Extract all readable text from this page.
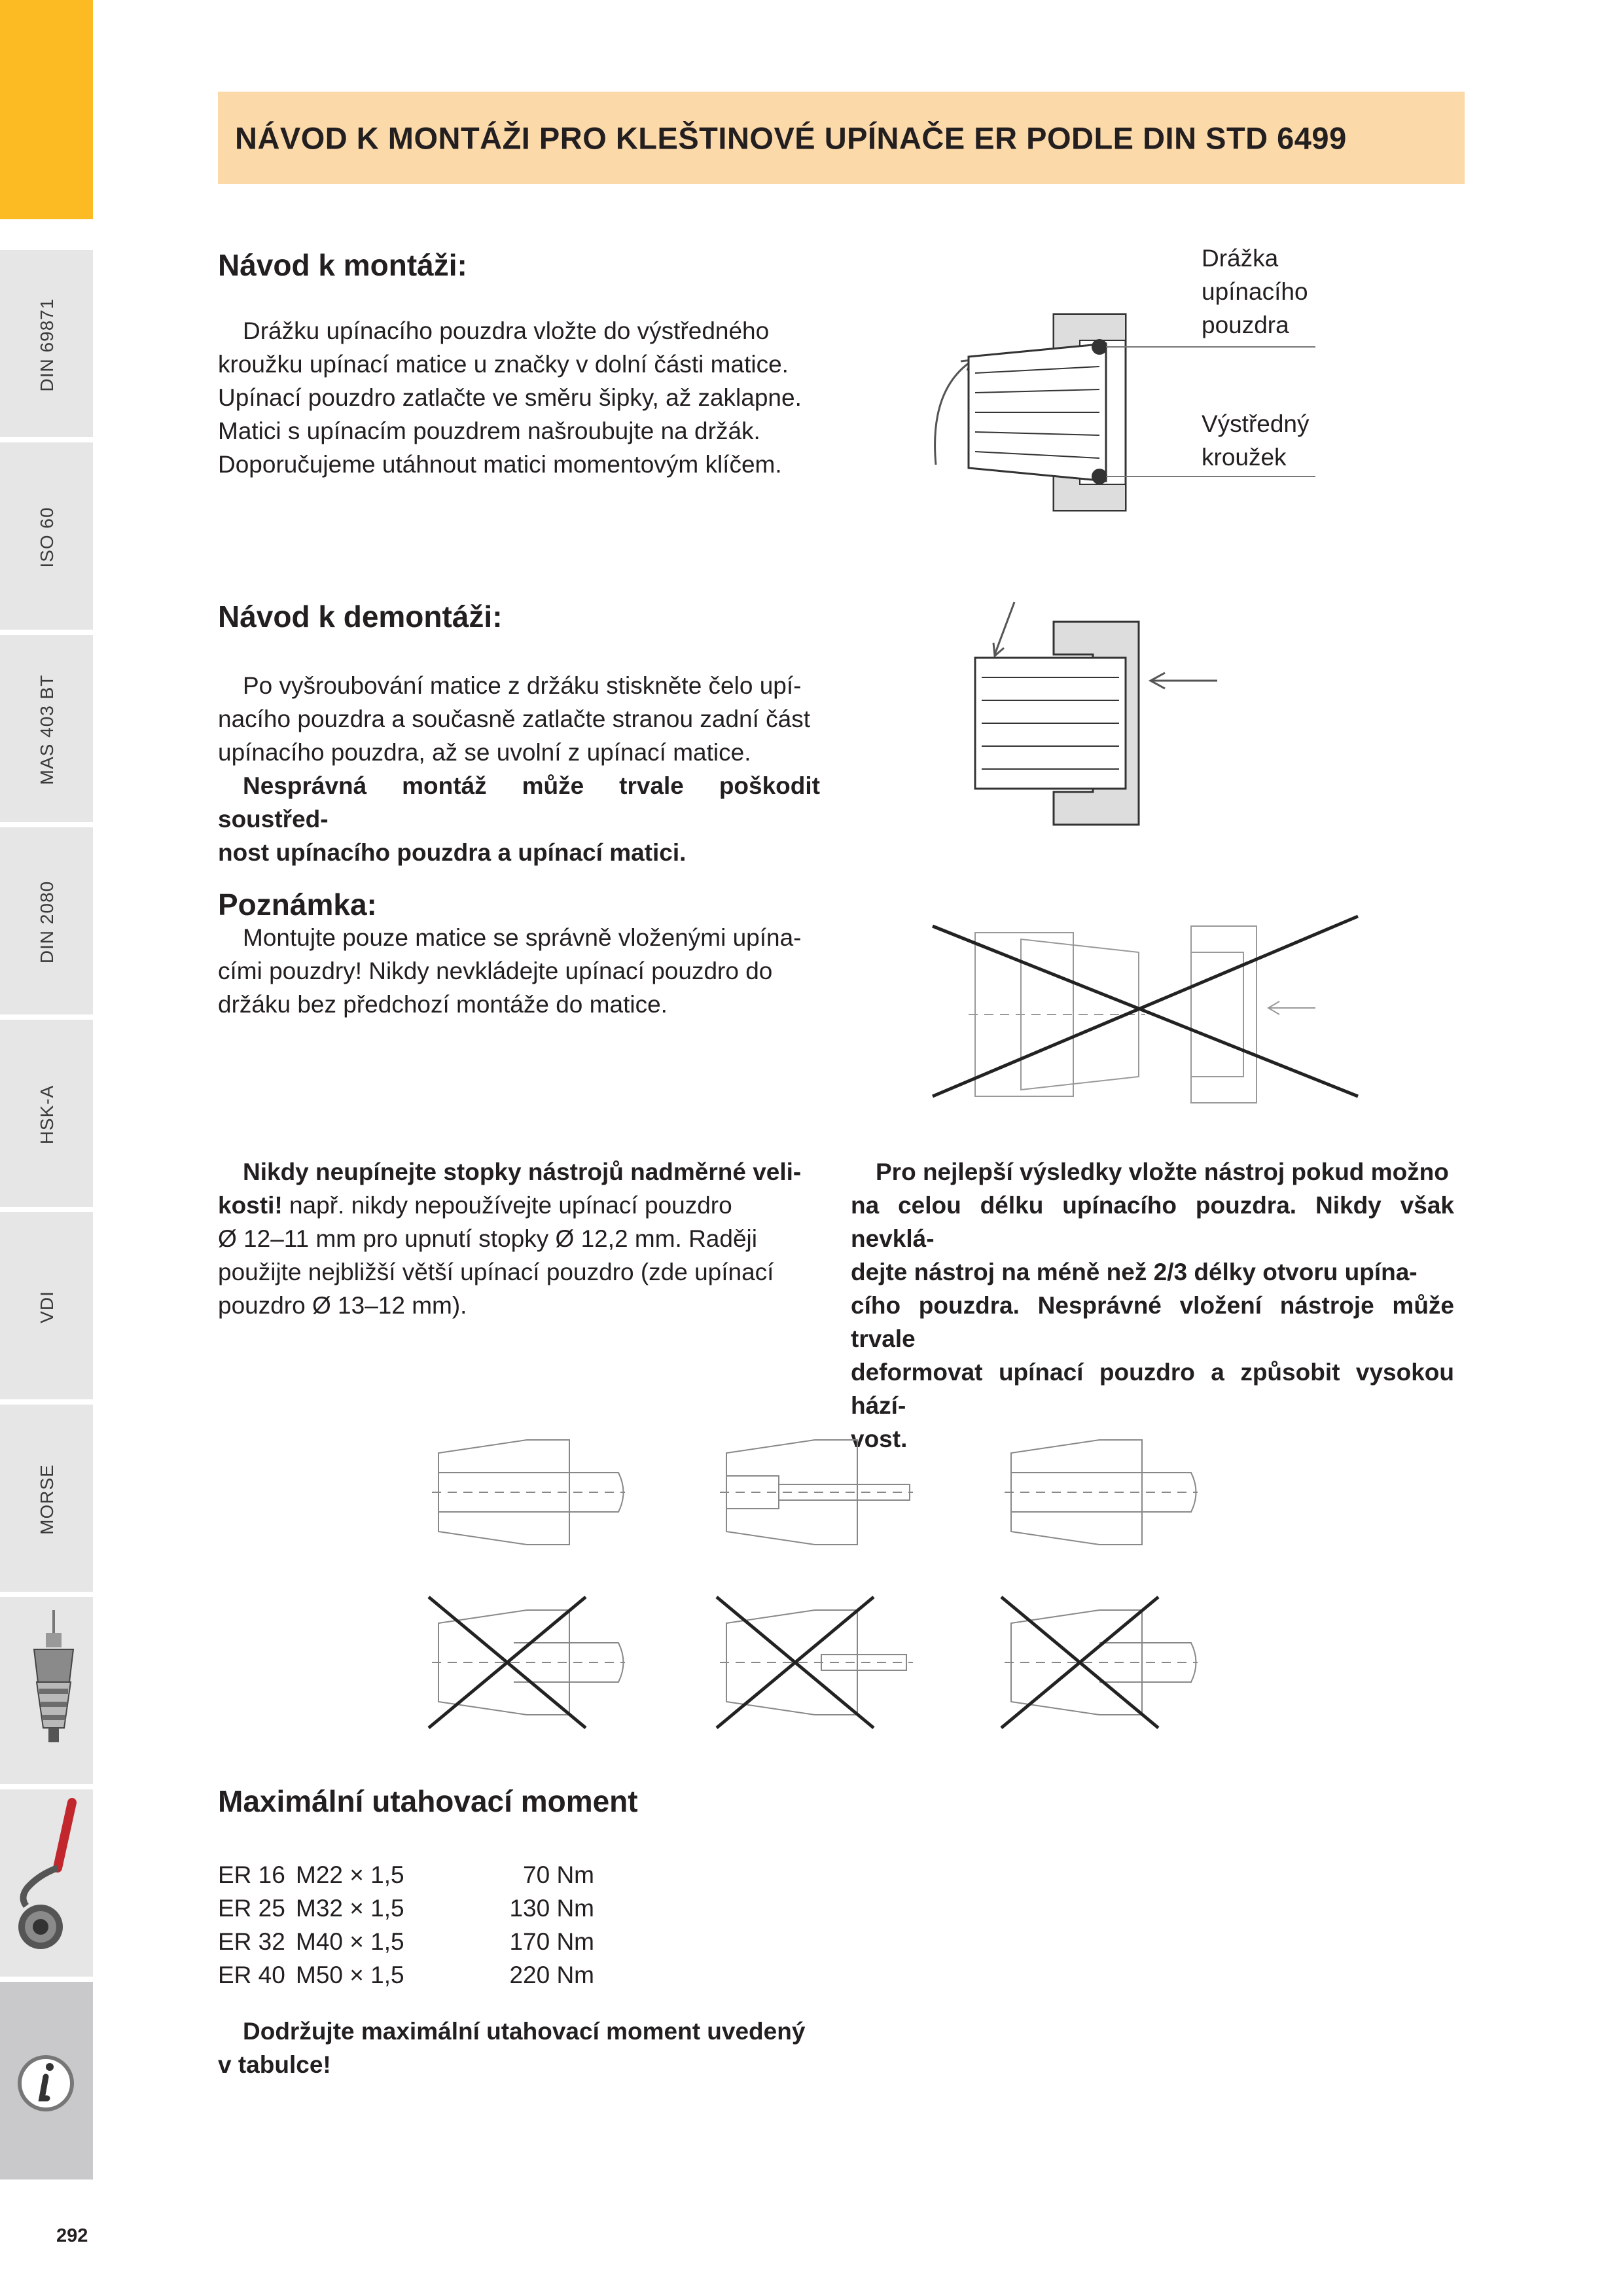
DIN 69871
ISO 60
MAS 403 BT
DIN 2080
HSK-A
VDI
MORSE
NÁVOD K MONTÁŽI PRO KLEŠTINOVÉ UPÍNAČE ER PODLE DIN STD 6499
Návod k montáži:
Drážku upínacího pouzdra vložte do výstředného
kroužku upínací matice u značky v dolní části matice.
Upínací pouzdro zatlačte ve směru šipky, až zaklapne.
Matici s upínacím pouzdrem našroubujte na držák.
Doporučujeme utáhnout matici momentovým klíčem.
Drážka
upínacího
pouzdra
Výstředný
kroužek
Návod k demontáži:
Po vyšroubování matice z držáku stiskněte čelo upí-
nacího pouzdra a současně zatlačte stranou zadní část
upínacího pouzdra, až se uvolní z upínací matice.
Nesprávná montáž může trvale poškodit soustřed-
nost upínacího pouzdra a upínací matici.
Poznámka:
Montujte pouze matice se správně vloženými upína-
cími pouzdry! Nikdy nevkládejte upínací pouzdro do
držáku bez předchozí montáže do matice.
Nikdy neupínejte stopky nástrojů nadměrné veli-
kosti! např. nikdy nepoužívejte upínací pouzdro
Ø 12–11 mm pro upnutí stopky Ø 12,2 mm. Raději
použijte nejbližší větší upínací pouzdro (zde upínací
pouzdro Ø 13–12 mm).
Pro nejlepší výsledky vložte nástroj pokud možno
na celou délku upínacího pouzdra. Nikdy však nevklá-
dejte nástroj na méně než 2/3 délky otvoru upína-
cího pouzdra. Nesprávné vložení nástroje může trvale
deformovat upínací pouzdro a způsobit vysokou hází-
vost.
Maximální utahovací moment
ER 16 M22 × 1,5	70 Nm
ER 25 M32 × 1,5	130 Nm
ER 32 M40 × 1,5	170 Nm
ER 40 M50 × 1,5	220 Nm
Dodržujte maximální utahovací moment uvedený
v tabulce!
292
